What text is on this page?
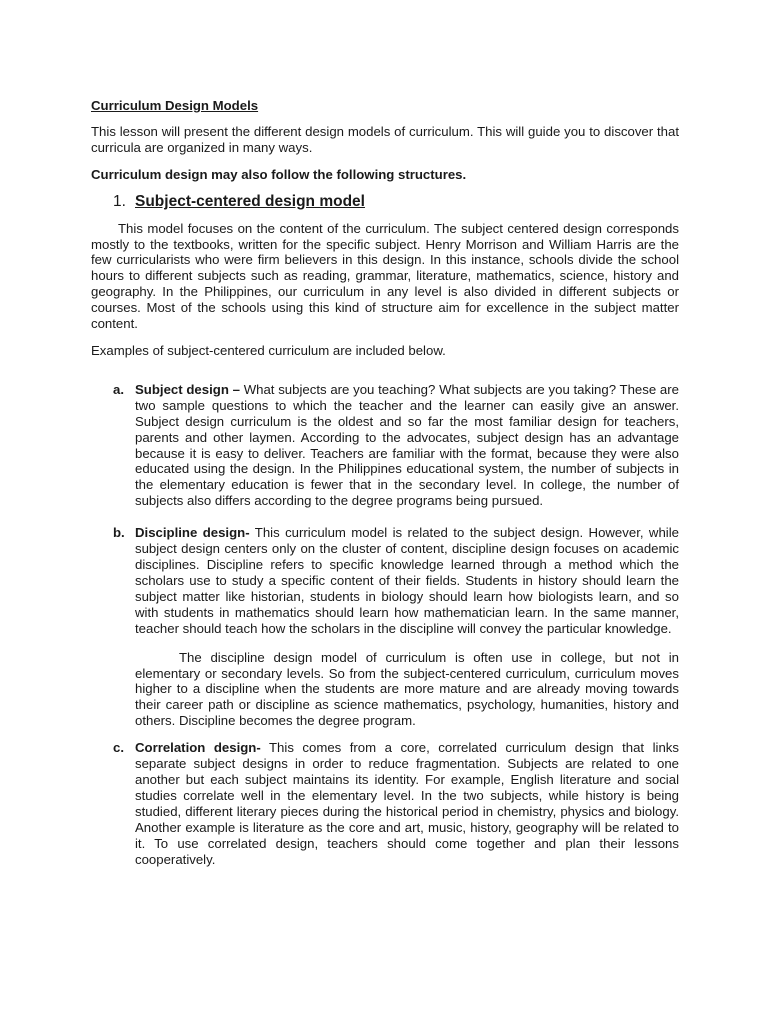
Curriculum Design Models

This lesson will present the different design models of curriculum. This will guide you to discover that curricula are organized in many ways.

Curriculum design may also follow the following structures.

1. Subject-centered design model

This model focuses on the content of the curriculum. The subject centered design corresponds mostly to the textbooks, written for the specific subject. Henry Morrison and William Harris are the few curricularists who were firm believers in this design. In this instance, schools divide the school hours to different subjects such as reading, grammar, literature, mathematics, science, history and geography. In the Philippines, our curriculum in any level is also divided in different subjects or courses. Most of the schools using this kind of structure aim for excellence in the subject matter content.

Examples of subject-centered curriculum are included below.

a. Subject design – What subjects are you teaching? What subjects are you taking? These are two sample questions to which the teacher and the learner can easily give an answer. Subject design curriculum is the oldest and so far the most familiar design for teachers, parents and other laymen. According to the advocates, subject design has an advantage because it is easy to deliver. Teachers are familiar with the format, because they were also educated using the design. In the Philippines educational system, the number of subjects in the elementary education is fewer that in the secondary level. In college, the number of subjects also differs according to the degree programs being pursued.
b. Discipline design- This curriculum model is related to the subject design. However, while subject design centers only on the cluster of content, discipline design focuses on academic disciplines. Discipline refers to specific knowledge learned through a method which the scholars use to study a specific content of their fields. Students in history should learn the subject matter like historian, students in biology should learn how biologists learn, and so with students in mathematics should learn how mathematician learn. In the same manner, teacher should teach how the scholars in the discipline will convey the particular knowledge.

The discipline design model of curriculum is often use in college, but not in elementary or secondary levels. So from the subject-centered curriculum, curriculum moves higher to a discipline when the students are more mature and are already moving towards their career path or discipline as science mathematics, psychology, humanities, history and others. Discipline becomes the degree program.

c. Correlation design- This comes from a core, correlated curriculum design that links separate subject designs in order to reduce fragmentation. Subjects are related to one another but each subject maintains its identity. For example, English literature and social studies correlate well in the elementary level. In the two subjects, while history is being studied, different literary pieces during the historical period in chemistry, physics and biology. Another example is literature as the core and art, music, history, geography will be related to it. To use correlated design, teachers should come together and plan their lessons cooperatively.
